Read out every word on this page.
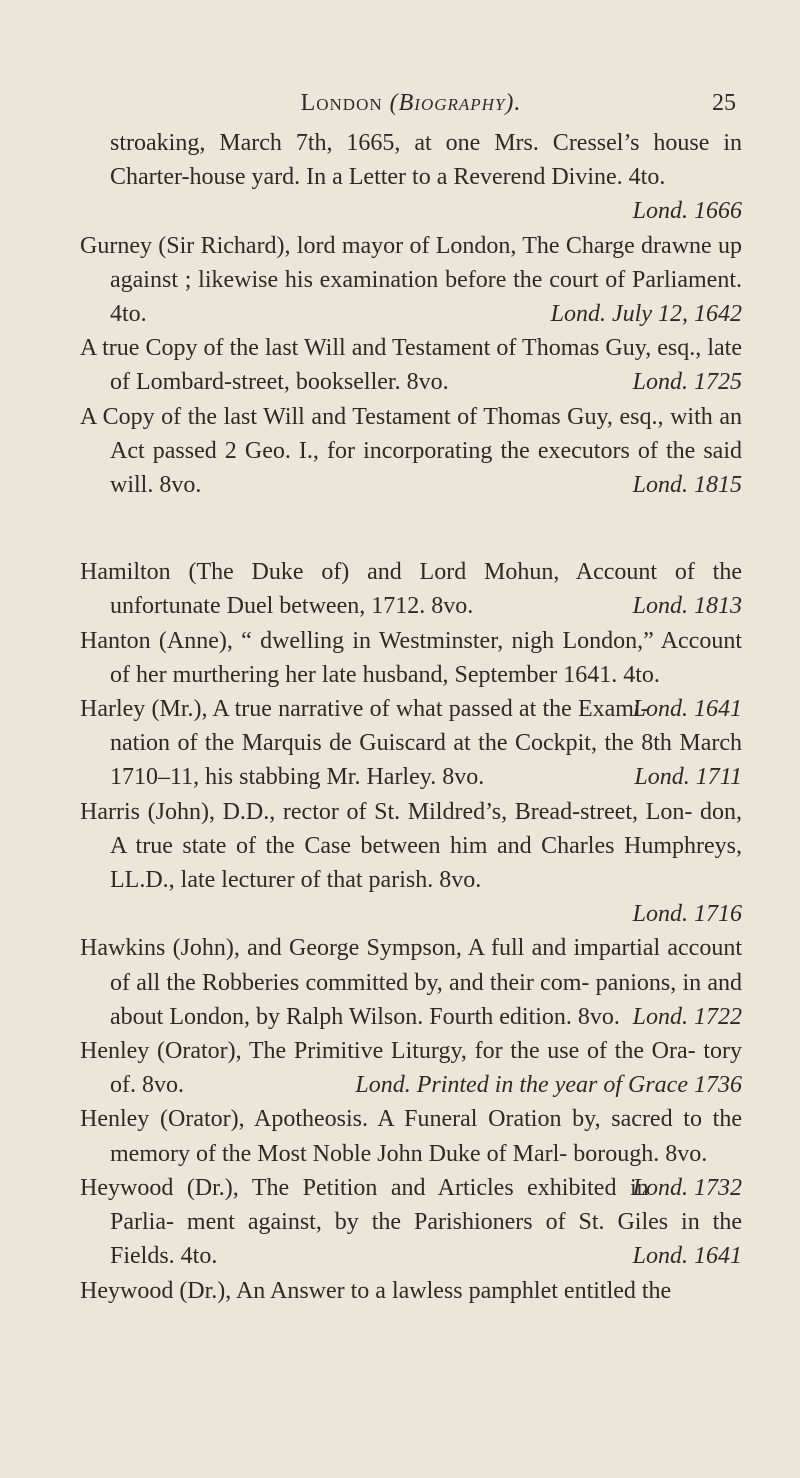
London (Biography).	25
stroaking, March 7th, 1665, at one Mrs. Cressel’s house in Charter-house yard. In a Letter to a Reverend Divine. 4to.
Lond. 1666
Gurney (Sir Richard), lord mayor of London, The Charge drawne up against ; likewise his examination before the court of Parliament. 4to.	Lond. July 12, 1642
A true Copy of the last Will and Testament of Thomas Guy, esq., late of Lombard-street, bookseller. 8vo.	Lond. 1725
A Copy of the last Will and Testament of Thomas Guy, esq., with an Act passed 2 Geo. I., for incorporating the executors of the said will. 8vo.	Lond. 1815
Hamilton (The Duke of) and Lord Mohun, Account of the unfortunate Duel between, 1712. 8vo.	Lond. 1813
Hanton (Anne), “ dwelling in Westminster, nigh London,” Account of her murthering her late husband, September 1641. 4to.
Lond. 1641
Harley (Mr.), A true narrative of what passed at the Exami- nation of the Marquis de Guiscard at the Cockpit, the 8th March 1710–11, his stabbing Mr. Harley. 8vo.	Lond. 1711
Harris (John), D.D., rector of St. Mildred’s, Bread-street, Lon- don, A true state of the Case between him and Charles Humphreys, LL.D., late lecturer of that parish. 8vo.
Lond. 1716
Hawkins (John), and George Sympson, A full and impartial account of all the Robberies committed by, and their com- panions, in and about London, by Ralph Wilson. Fourth edition. 8vo. Lond. 1722
Henley (Orator), The Primitive Liturgy, for the use of the Ora- tory of. 8vo.	Lond. Printed in the year of Grace 1736
Henley (Orator), Apotheosis. A Funeral Oration by, sacred to the memory of the Most Noble John Duke of Marl- borough. 8vo.
Lond. 1732
Heywood (Dr.), The Petition and Articles exhibited in Parlia- ment against, by the Parishioners of St. Giles in the Fields. 4to.	Lond. 1641
Heywood (Dr.), An Answer to a lawless pamphlet entitled the
